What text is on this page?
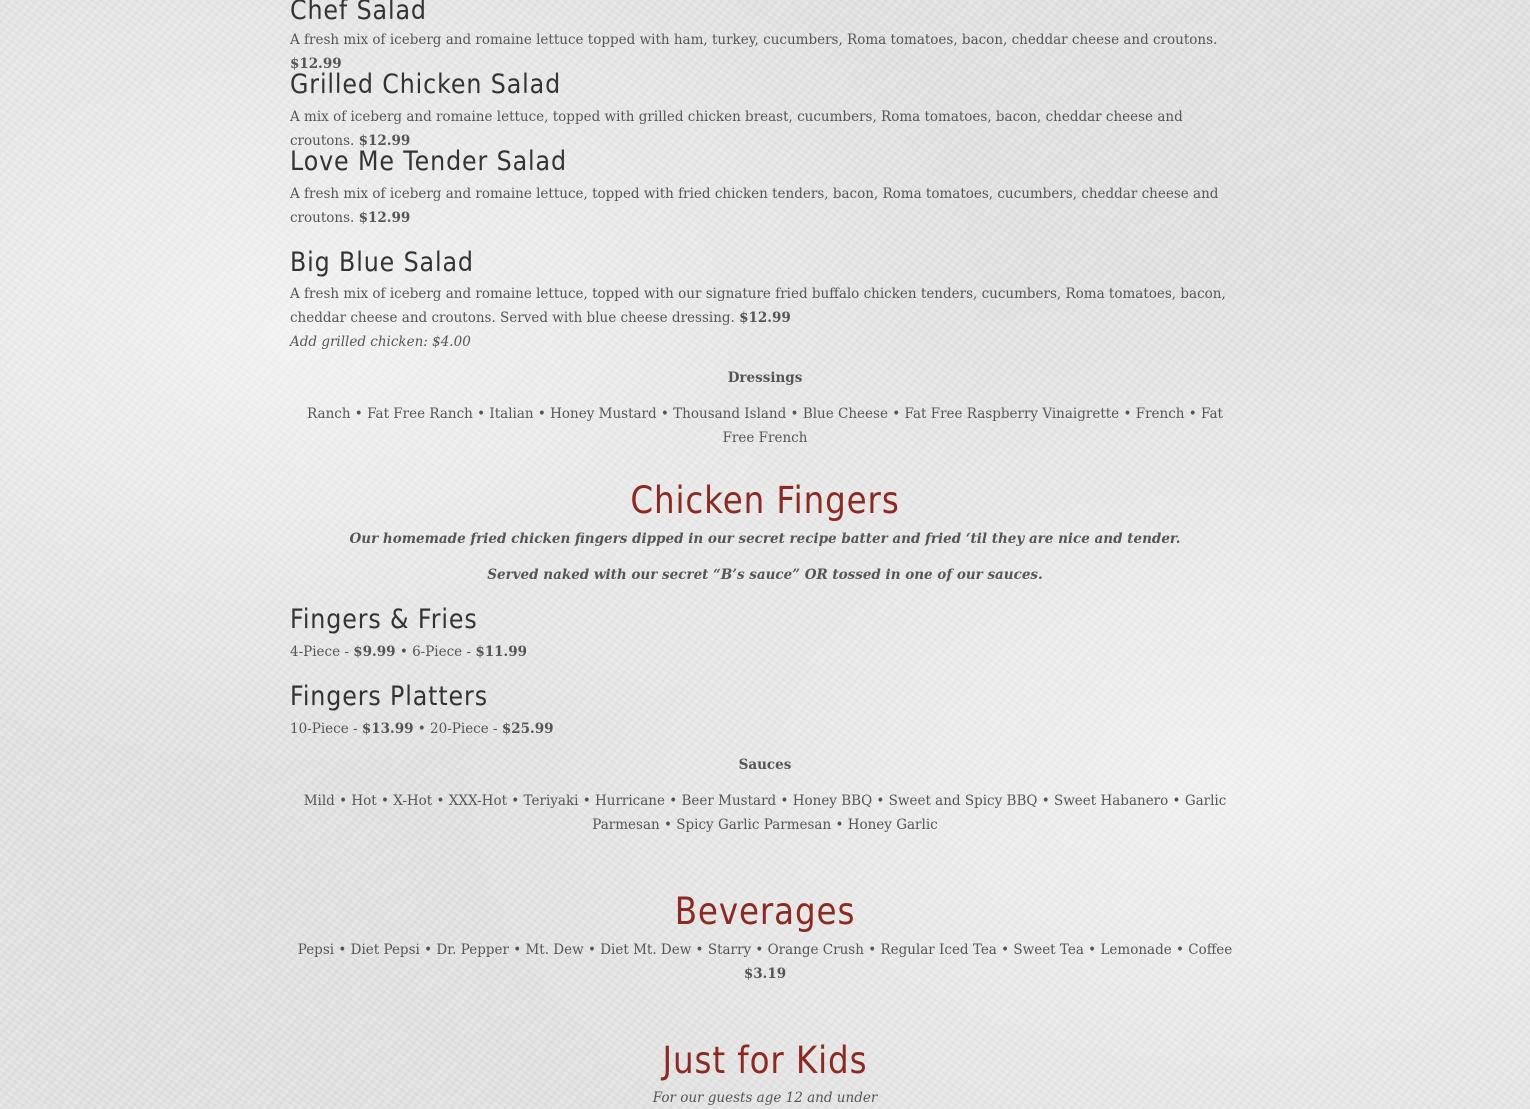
Chef Salad

A fresh mix of iceberg and romaine lettuce topped with ham, turkey, cucumbers, Roma tomatoes, bacon, cheddar cheese and croutons. $12.99

Grilled Chicken Salad

A mix of iceberg and romaine lettuce, topped with grilled chicken breast, cucumbers, Roma tomatoes, bacon, cheddar cheese and croutons. $12.99

Love Me Tender Salad

A fresh mix of iceberg and romaine lettuce, topped with fried chicken tenders, bacon, Roma tomatoes, cucumbers, cheddar cheese and croutons. $12.99

Big Blue Salad

A fresh mix of iceberg and romaine lettuce, topped with our signature fried buffalo chicken tenders, cucumbers, Roma tomatoes, bacon, cheddar cheese and croutons. Served with blue cheese dressing. $12.99

Add grilled chicken: $4.00

Dressings

Ranch • Fat Free Ranch • Italian • Honey Mustard • Thousand Island • Blue Cheese • Fat Free Raspberry Vinaigrette • French • Fat Free French

Chicken Fingers

Our homemade fried chicken fingers dipped in our secret recipe batter and fried ‘til they are nice and tender.

Served naked with our secret “B’s sauce” OR tossed in one of our sauces.

Fingers & Fries

4-Piece - $9.99 • 6-Piece - $11.99

Fingers Platters

10-Piece - $13.99 • 20-Piece - $25.99

Sauces

Mild • Hot • X-Hot • XXX-Hot • Teriyaki • Hurricane • Beer Mustard • Honey BBQ • Sweet and Spicy BBQ • Sweet Habanero • Garlic Parmesan • Spicy Garlic Parmesan • Honey Garlic

Beverages

Pepsi • Diet Pepsi • Dr. Pepper • Mt. Dew • Diet Mt. Dew • Starry • Orange Crush • Regular Iced Tea • Sweet Tea • Lemonade • Coffee

$3.19

Just for Kids

For our guests age 12 and under
